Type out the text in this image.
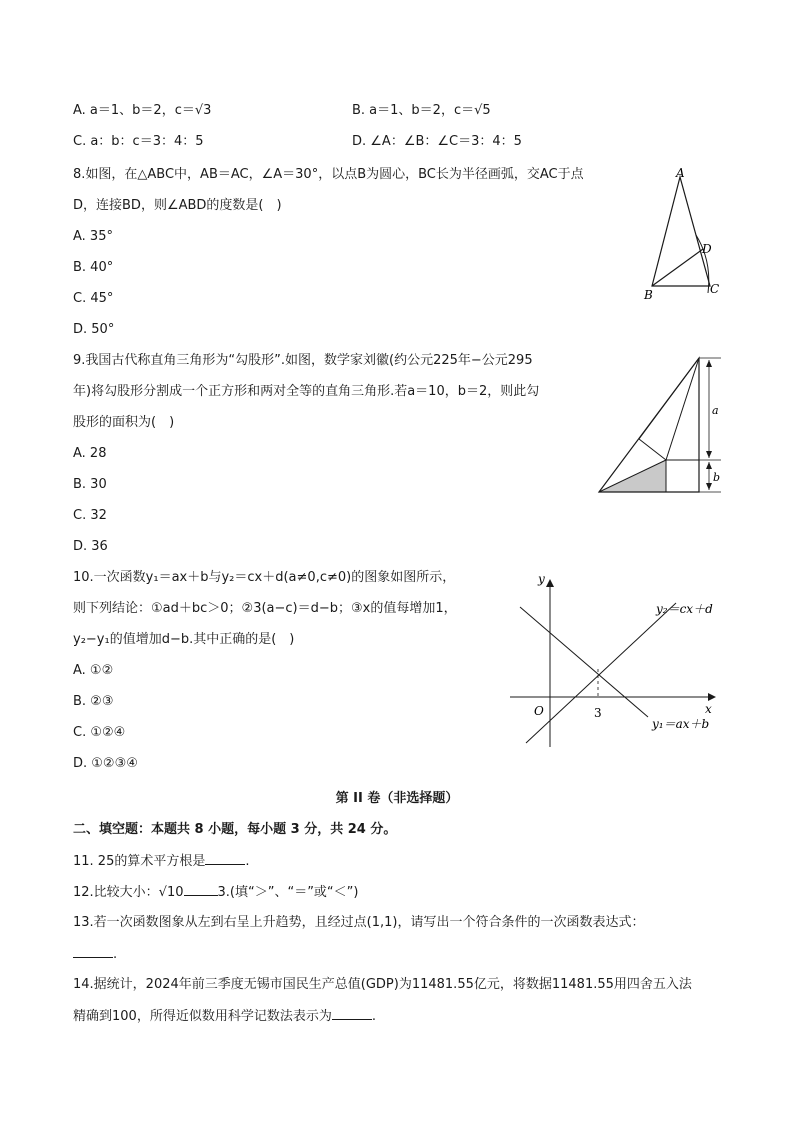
A. a＝1、b＝2，c＝√3	B. a＝1、b＝2，c＝√5
C. a：b：c＝3：4：5	D. ∠A：∠B：∠C＝3：4：5
8.如图，在△ABC中，AB＝AC，∠A＝30°，以点B为圆心，BC长为半径画弧，交AC于点
D，连接BD，则∠ABD的度数是(　)
A. 35°
B. 40°
C. 45°
D. 50°
A
B	C
D
9.我国古代称直角三角形为“勾股形”.如图，数学家刘徽(约公元225年−公元295
年)将勾股形分割成一个正方形和两对全等的直角三角形.若a＝10，b＝2，则此勾
股形的面积为(　)
A. 28
B. 30
C. 32
D. 36
a
b
10.一次函数y₁＝ax＋b与y₂＝cx＋d(a≠0,c≠0)的图象如图所示，
则下列结论：①ad＋bc＞0；②3(a−c)＝d−b；③x的值每增加1，
y₂−y₁的值增加d−b.其中正确的是(　)
A. ①②
B. ②③
C. ①②④
D. ①②③④
y
x
O	3
y₂＝cx＋d
y₁＝ax＋b
第 II 卷（非选择题）
二、填空题：本题共 8 小题，每小题 3 分，共 24 分。
11. 25的算术平方根是	.
12.比较大小：√10	3.(填“＞”、“＝”或“＜”)
13.若一次函数图象从左到右呈上升趋势，且经过点(1,1)，请写出一个符合条件的一次函数表达式：
.
14.据统计，2024年前三季度无锡市国民生产总值(GDP)为11481.55亿元，将数据11481.55用四舍五入法
精确到100，所得近似数用科学记数法表示为	.
